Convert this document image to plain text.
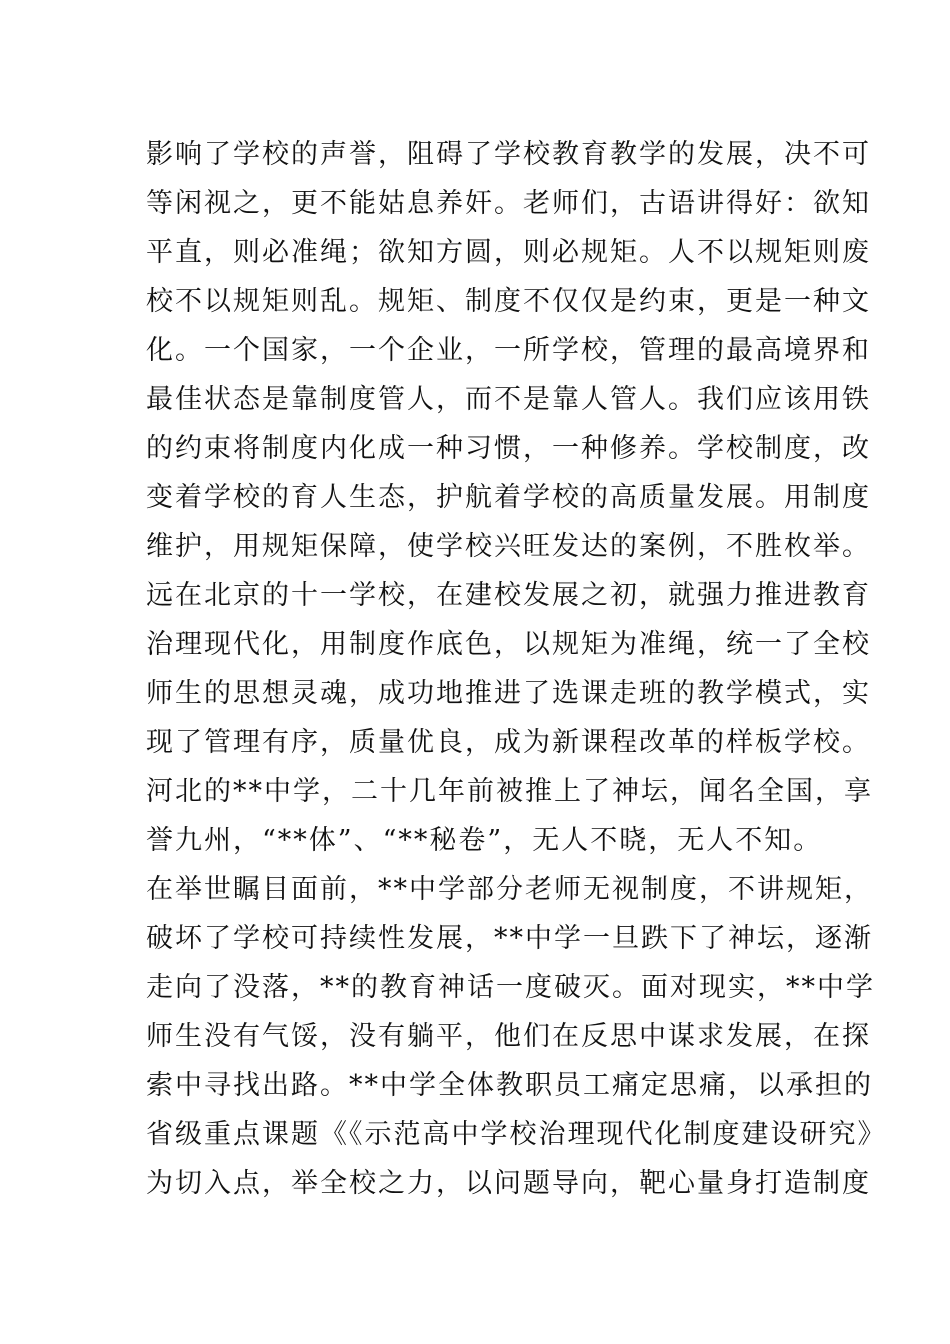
影响了学校的声誉，阻碍了学校教育教学的发展，决不可
等闲视之，更不能姑息养奸。老师们，古语讲得好：欲知
平直，则必准绳；欲知方圆，则必规矩。人不以规矩则废
校不以规矩则乱。规矩、制度不仅仅是约束，更是一种文
化。一个国家，一个企业，一所学校，管理的最高境界和
最佳状态是靠制度管人，而不是靠人管人。我们应该用铁
的约束将制度内化成一种习惯，一种修养。学校制度，改
变着学校的育人生态，护航着学校的高质量发展。用制度
维护，用规矩保障，使学校兴旺发达的案例，不胜枚举。
远在北京的十一学校，在建校发展之初，就强力推进教育
治理现代化，用制度作底色，以规矩为准绳，统一了全校
师生的思想灵魂，成功地推进了选课走班的教学模式，实
现了管理有序，质量优良，成为新课程改革的样板学校。
河北的**中学，二十几年前被推上了神坛，闻名全国，享
誉九州，“**体”、“**秘卷”，无人不晓，无人不知。
在举世瞩目面前，**中学部分老师无视制度，不讲规矩，
破坏了学校可持续性发展，**中学一旦跌下了神坛，逐渐
走向了没落，**的教育神话一度破灭。面对现实，**中学
师生没有气馁，没有躺平，他们在反思中谋求发展，在探
索中寻找出路。**中学全体教职员工痛定思痛，以承担的
省级重点课题《《示范高中学校治理现代化制度建设研究》
为切入点，举全校之力，以问题导向，靶心量身打造制度
